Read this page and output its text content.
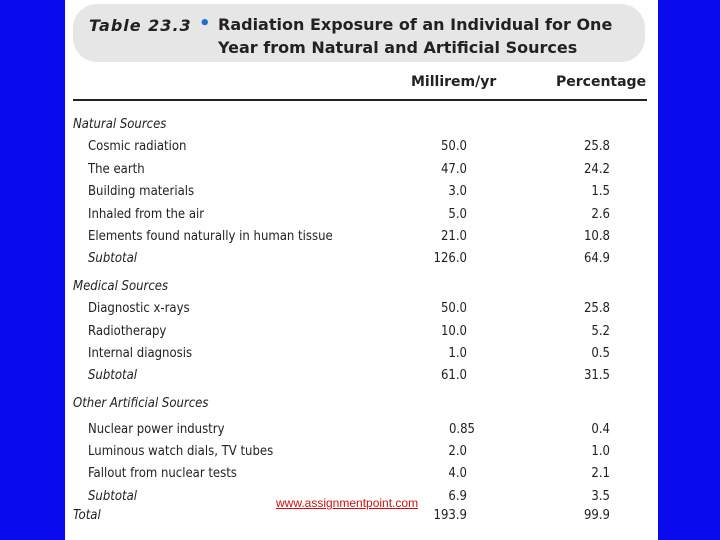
Table 23.3 • Radiation Exposure of an Individual for One Year from Natural and Artificial Sources
Millirem/yr	Percentage
Natural Sources
Cosmic radiation	50.0	25.8
The earth	47.0	24.2
Building materials	3.0	1.5
Inhaled from the air	5.0	2.6
Elements found naturally in human tissue	21.0	10.8
Subtotal	126.0	64.9
Medical Sources
Diagnostic x-rays	50.0	25.8
Radiotherapy	10.0	5.2
Internal diagnosis	1.0	0.5
Subtotal	61.0	31.5
Other Artificial Sources
Nuclear power industry	0.85	0.4
Luminous watch dials, TV tubes	2.0	1.0
Fallout from nuclear tests	4.0	2.1
Subtotal	6.9	3.5
Total	193.9	99.9
www.assignmentpoint.com
